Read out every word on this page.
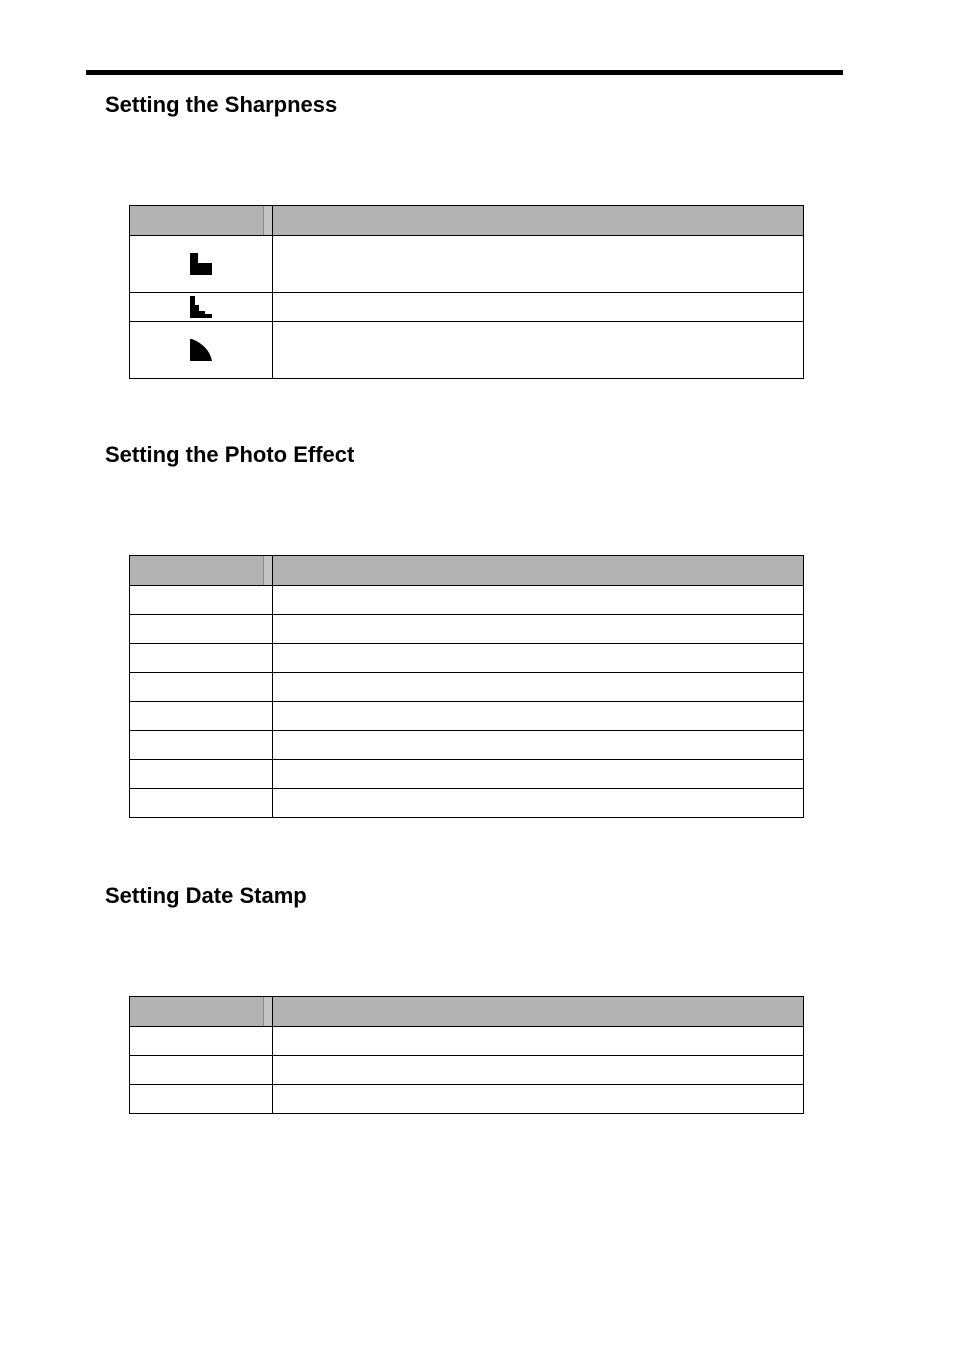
Setting the Sharpness

Setting the Photo Effect

Setting Date Stamp
